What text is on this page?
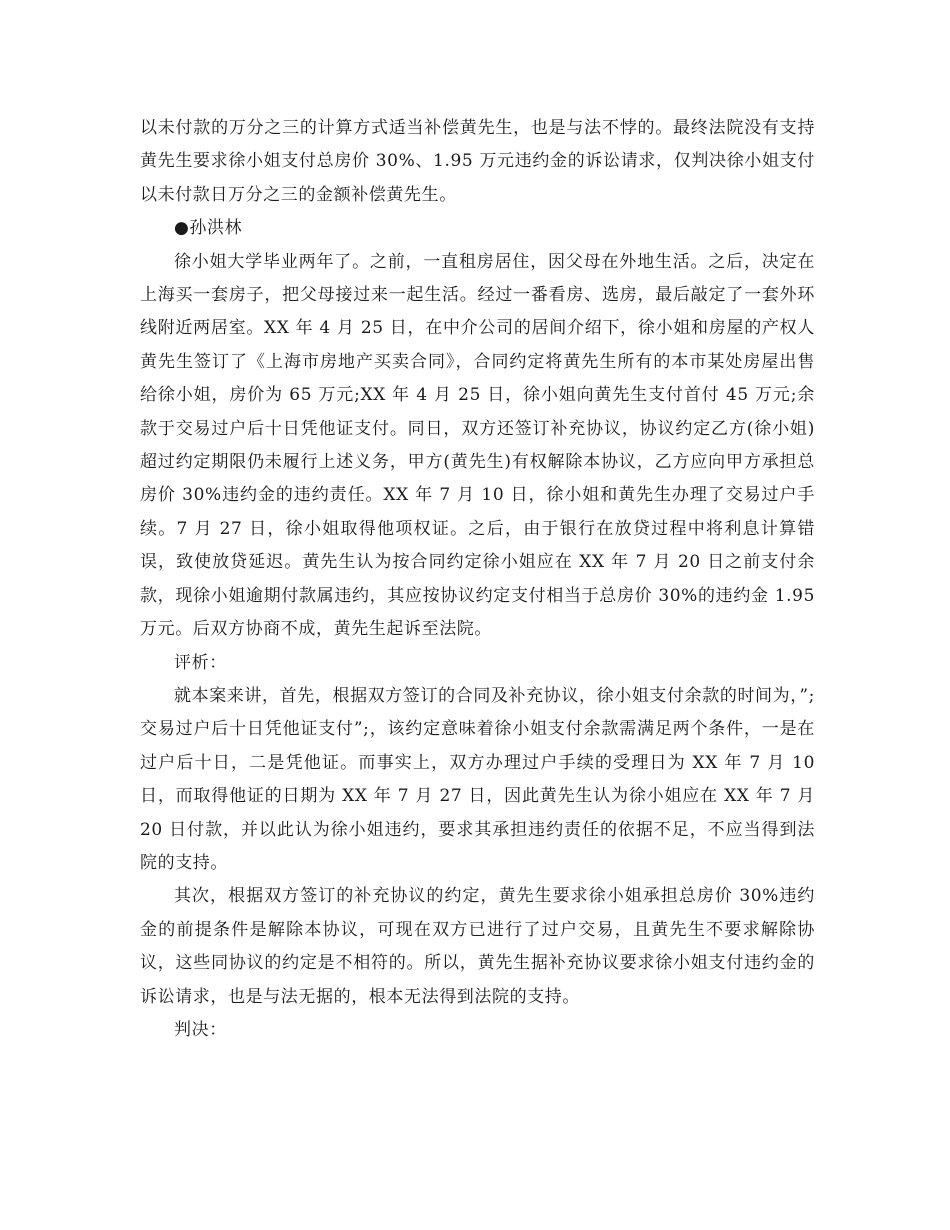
以未付款的万分之三的计算方式适当补偿黄先生，也是与法不悖的。最终法院没有支持黄先生要求徐小姐支付总房价 30%、1.95 万元违约金的诉讼请求，仅判决徐小姐支付以未付款日万分之三的金额补偿黄先生。

●孙洪林

徐小姐大学毕业两年了。之前，一直租房居住，因父母在外地生活。之后，决定在上海买一套房子，把父母接过来一起生活。经过一番看房、选房，最后敲定了一套外环线附近两居室。XX 年 4 月 25 日，在中介公司的居间介绍下，徐小姐和房屋的产权人黄先生签订了《上海市房地产买卖合同》，合同约定将黄先生所有的本市某处房屋出售给徐小姐，房价为 65 万元;XX 年 4 月 25 日，徐小姐向黄先生支付首付 45 万元;余款于交易过户后十日凭他证支付。同日，双方还签订补充协议，协议约定乙方(徐小姐)超过约定期限仍未履行上述义务，甲方(黄先生)有权解除本协议，乙方应向甲方承担总房价 30%违约金的违约责任。XX 年 7 月 10 日，徐小姐和黄先生办理了交易过户手续。7 月 27 日，徐小姐取得他项权证。之后，由于银行在放贷过程中将利息计算错误，致使放贷延迟。黄先生认为按合同约定徐小姐应在 XX 年 7 月 20 日之前支付余款，现徐小姐逾期付款属违约，其应按协议约定支付相当于总房价 30%的违约金 1.95 万元。后双方协商不成，黄先生起诉至法院。

评析：

就本案来讲，首先，根据双方签订的合同及补充协议，徐小姐支付余款的时间为，”;交易过户后十日凭他证支付”;，该约定意味着徐小姐支付余款需满足两个条件，一是在过户后十日，二是凭他证。而事实上，双方办理过户手续的受理日为 XX 年 7 月 10 日，而取得他证的日期为 XX 年 7 月 27 日，因此黄先生认为徐小姐应在 XX 年 7 月 20 日付款，并以此认为徐小姐违约，要求其承担违约责任的依据不足，不应当得到法院的支持。

其次，根据双方签订的补充协议的约定，黄先生要求徐小姐承担总房价 30%违约金的前提条件是解除本协议，可现在双方已进行了过户交易，且黄先生不要求解除协议，这些同协议的约定是不相符的。所以，黄先生据补充协议要求徐小姐支付违约金的诉讼请求，也是与法无据的，根本无法得到法院的支持。

判决：
